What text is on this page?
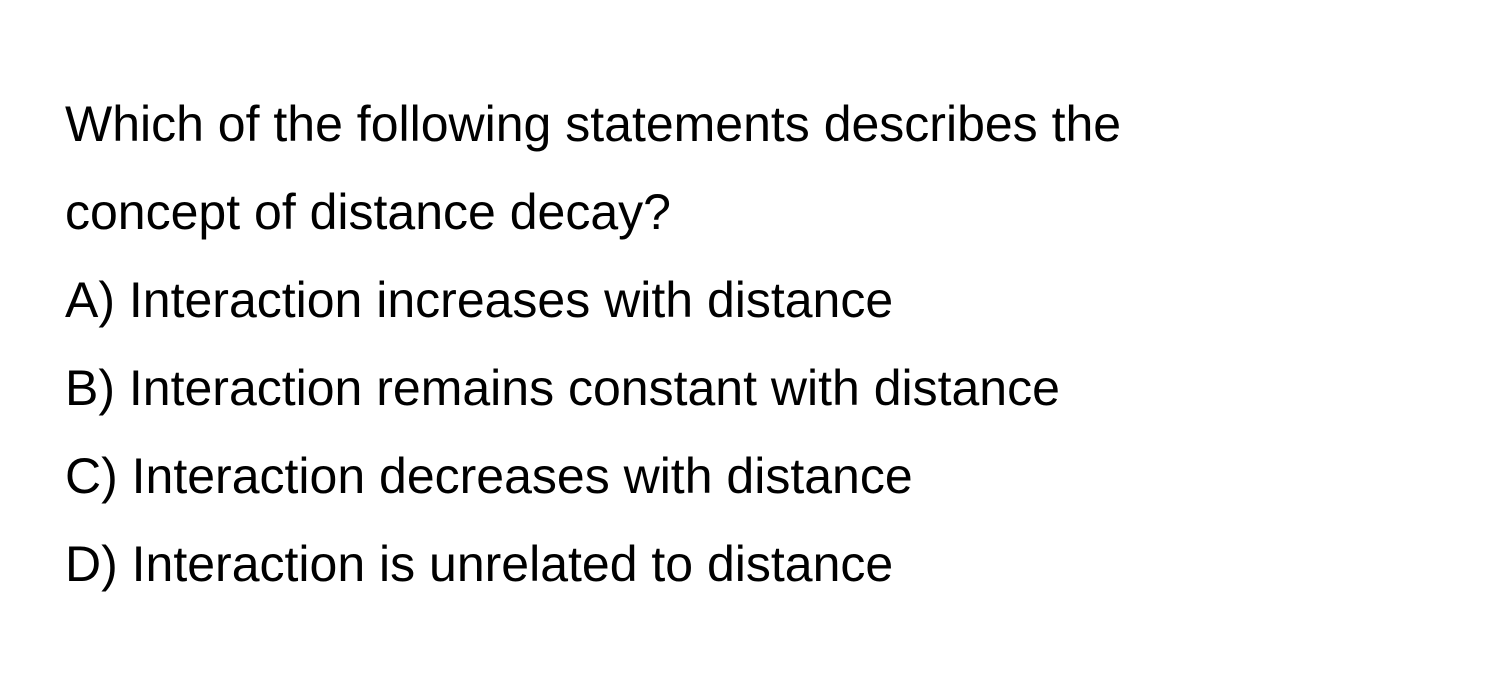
Which of the following statements describes the
concept of distance decay?
A) Interaction increases with distance
B) Interaction remains constant with distance
C) Interaction decreases with distance
D) Interaction is unrelated to distance
